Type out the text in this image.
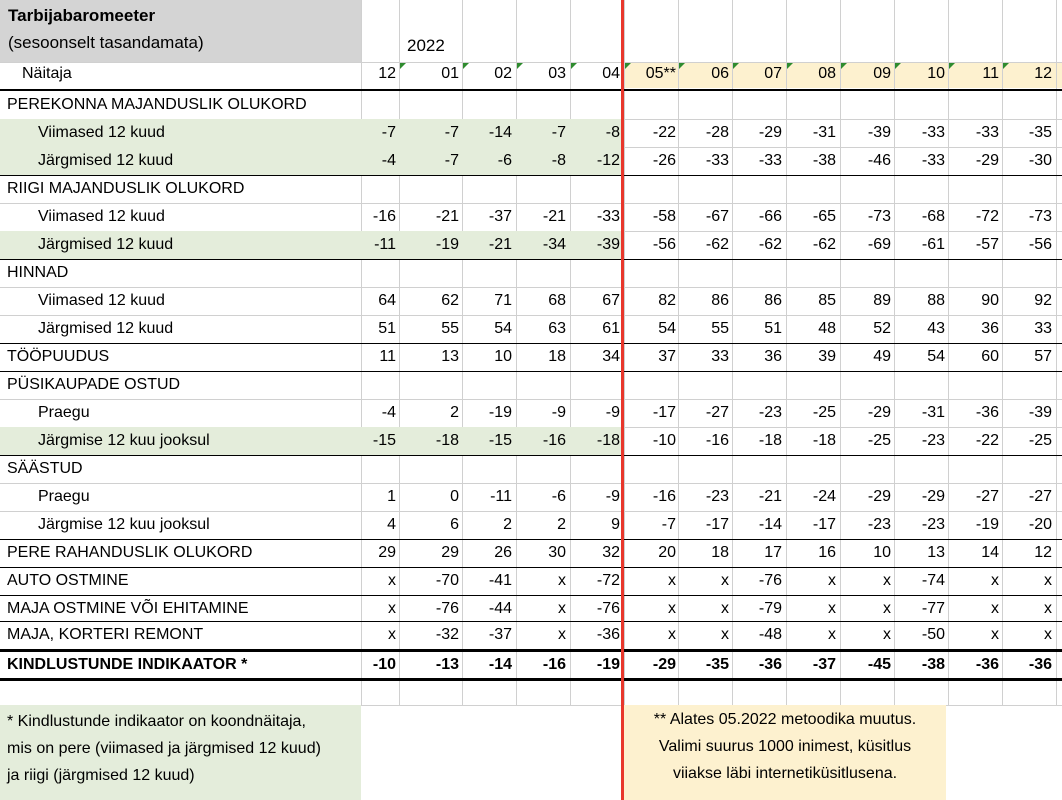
Tarbijabaromeeter
(sesoonselt tasandamata)	2022
Näitaja	12	01	02	03	04	05**	06	07	08	09	10	11	12
PEREKONNA MAJANDUSLIK OLUKORD
Viimased 12 kuud	-7	-7	-14	-7	-8	-22	-28	-29	-31	-39	-33	-33	-35
Järgmised 12 kuud	-4	-7	-6	-8	-12	-26	-33	-33	-38	-46	-33	-29	-30
RIIGI MAJANDUSLIK OLUKORD
Viimased 12 kuud	-16	-21	-37	-21	-33	-58	-67	-66	-65	-73	-68	-72	-73
Järgmised 12 kuud	-11	-19	-21	-34	-39	-56	-62	-62	-62	-69	-61	-57	-56
HINNAD
Viimased 12 kuud	64	62	71	68	67	82	86	86	85	89	88	90	92
Järgmised 12 kuud	51	55	54	63	61	54	55	51	48	52	43	36	33
TÖÖPUUDUS	11	13	10	18	34	37	33	36	39	49	54	60	57
PÜSIKAUPADE OSTUD
Praegu	-4	2	-19	-9	-9	-17	-27	-23	-25	-29	-31	-36	-39
Järgmise 12 kuu jooksul	-15	-18	-15	-16	-18	-10	-16	-18	-18	-25	-23	-22	-25
SÄÄSTUD
Praegu	1	0	-11	-6	-9	-16	-23	-21	-24	-29	-29	-27	-27
Järgmise 12 kuu jooksul	4	6	2	2	9	-7	-17	-14	-17	-23	-23	-19	-20
PERE RAHANDUSLIK OLUKORD	29	29	26	30	32	20	18	17	16	10	13	14	12
AUTO OSTMINE	x	-70	-41	x	-72	x	x	-76	x	x	-74	x	x
MAJA OSTMINE VÕI EHITAMINE	x	-76	-44	x	-76	x	x	-79	x	x	-77	x	x
MAJA, KORTERI REMONT	x	-32	-37	x	-36	x	x	-48	x	x	-50	x	x
KINDLUSTUNDE INDIKAATOR *	-10	-13	-14	-16	-19	-29	-35	-36	-37	-45	-38	-36	-36
* Kindlustunde indikaator on koondnäitaja,
mis on pere (viimased ja järgmised 12 kuud)
ja riigi (järgmised 12 kuud)
** Alates 05.2022 metoodika muutus.
Valimi suurus 1000 inimest, küsitlus
viiakse läbi internetiküsitlusena.
